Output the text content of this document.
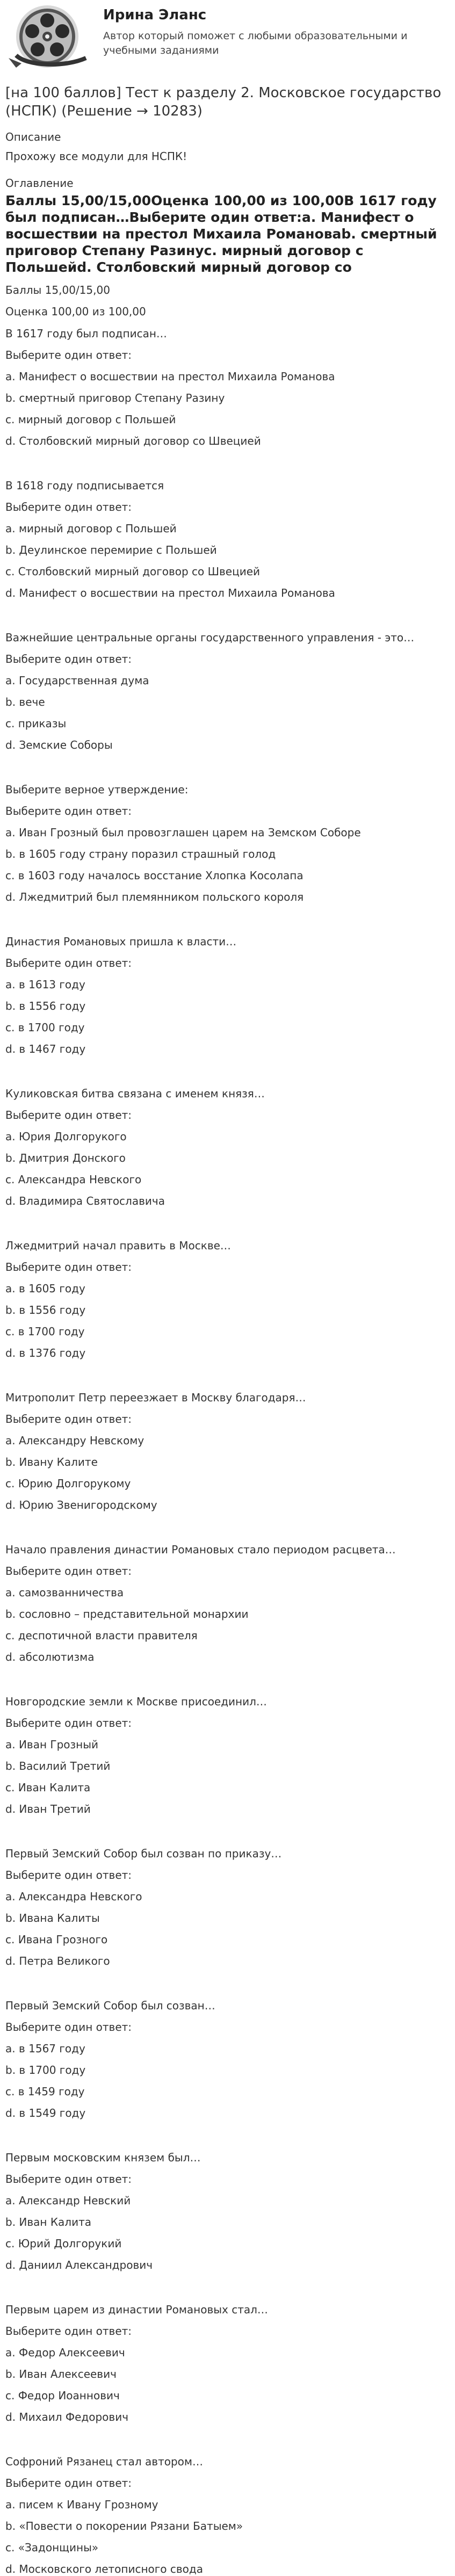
Ирина Эланс
Автор который поможет с любыми образовательными и учебными заданиями
[на 100 баллов] Тест к разделу 2. Московское государство (НСПК) (Решение → 10283)
Описание
Прохожу все модули для НСПК!
Оглавление
Баллы 15,00/15,00Оценка 100,00 из 100,00В 1617 году был подписан…Выберите один ответ:a. Манифест о восшествии на престол Михаила Романоваb. смертный приговор Степану Разинус. мирный договор с Польшейd. Столбовский мирный договор со
Баллы 15,00/15,00
Оценка 100,00 из 100,00
В 1617 году был подписан…
Выберите один ответ:
a. Манифест о восшествии на престол Михаила Романова
b. смертный приговор Степану Разину
c. мирный договор с Польшей
d. Столбовский мирный договор со Швецией
В 1618 году подписывается
Выберите один ответ:
a. мирный договор с Польшей
b. Деулинское перемирие с Польшей
c. Столбовский мирный договор со Швецией
d. Манифест о восшествии на престол Михаила Романова
Важнейшие центральные органы государственного управления - это…
Выберите один ответ:
a. Государственная дума
b. вече
c. приказы
d. Земские Соборы
Выберите верное утверждение:
Выберите один ответ:
a. Иван Грозный был провозглашен царем на Земском Соборе
b. в 1605 году страну поразил страшный голод
c. в 1603 году началось восстание Хлопка Косолапа
d. Лжедмитрий был племянником польского короля
Династия Романовых пришла к власти…
Выберите один ответ:
a. в 1613 году
b. в 1556 году
c. в 1700 году
d. в 1467 году
Куликовская битва связана с именем князя…
Выберите один ответ:
a. Юрия Долгорукого
b. Дмитрия Донского
c. Александра Невского
d. Владимира Святославича
Лжедмитрий начал править в Москве…
Выберите один ответ:
a. в 1605 году
b. в 1556 году
c. в 1700 году
d. в 1376 году
Митрополит Петр переезжает в Москву благодаря…
Выберите один ответ:
a. Александру Невскому
b. Ивану Калите
c. Юрию Долгорукому
d. Юрию Звенигородскому
Начало правления династии Романовых стало периодом расцвета…
Выберите один ответ:
a. самозванничества
b. сословно – представительной монархии
c. деспотичной власти правителя
d. абсолютизма
Новгородские земли к Москве присоединил…
Выберите один ответ:
a. Иван Грозный
b. Василий Третий
c. Иван Калита
d. Иван Третий
Первый Земский Собор был созван по приказу…
Выберите один ответ:
a. Александра Невского
b. Ивана Калиты
c. Ивана Грозного
d. Петра Великого
Первый Земский Собор был созван…
Выберите один ответ:
a. в 1567 году
b. в 1700 году
c. в 1459 году
d. в 1549 году
Первым московским князем был…
Выберите один ответ:
a. Александр Невский
b. Иван Калита
c. Юрий Долгорукий
d. Даниил Александрович
Первым царем из династии Романовых стал…
Выберите один ответ:
a. Федор Алексеевич
b. Иван Алексеевич
c. Федор Иоаннович
d. Михаил Федорович
Софроний Рязанец стал автором…
Выберите один ответ:
a. писем к Ивану Грозному
b. «Повести о покорении Рязани Батыем»
c. «Задонщины»
d. Московского летописного свода
